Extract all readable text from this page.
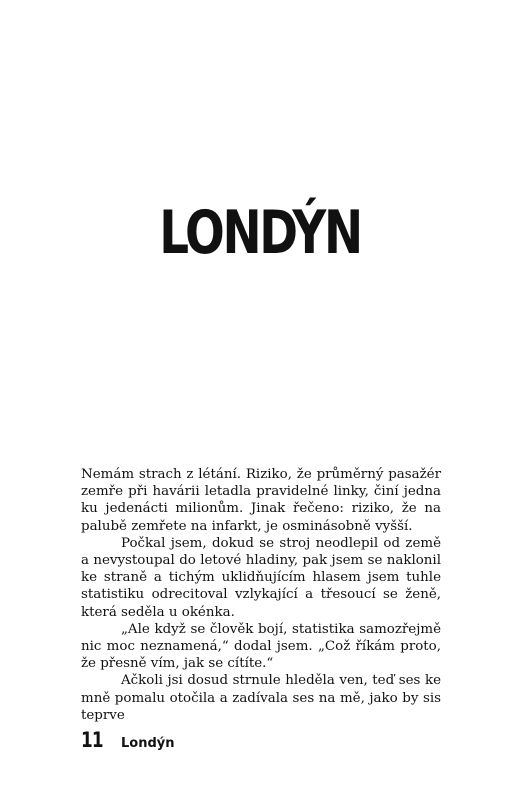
LONDÝN

Nemám strach z létání. Riziko, že průměrný pasažér zemře při havárii letadla pravidelné linky, činí jedna ku jedenácti milionům. Jinak řečeno: riziko, že na palubě zemřete na infarkt, je osminásobně vyšší.

Počkal jsem, dokud se stroj neodlepil od země a nevystoupal do letové hladiny, pak jsem se naklonil ke straně a tichým uklidňujícím hlasem jsem tuhle statistiku odrecitoval vzlykající a třesoucí se ženě, která seděla u okénka.

„Ale když se člověk bojí, statistika samozřejmě nic moc neznamená,“ dodal jsem. „Což říkám proto, že přesně vím, jak se cítíte.“

Ačkoli jsi dosud strnule hleděla ven, teď ses ke mně pomalu otočila a zadívala ses na mě, jako by sis teprve

11 Londýn
